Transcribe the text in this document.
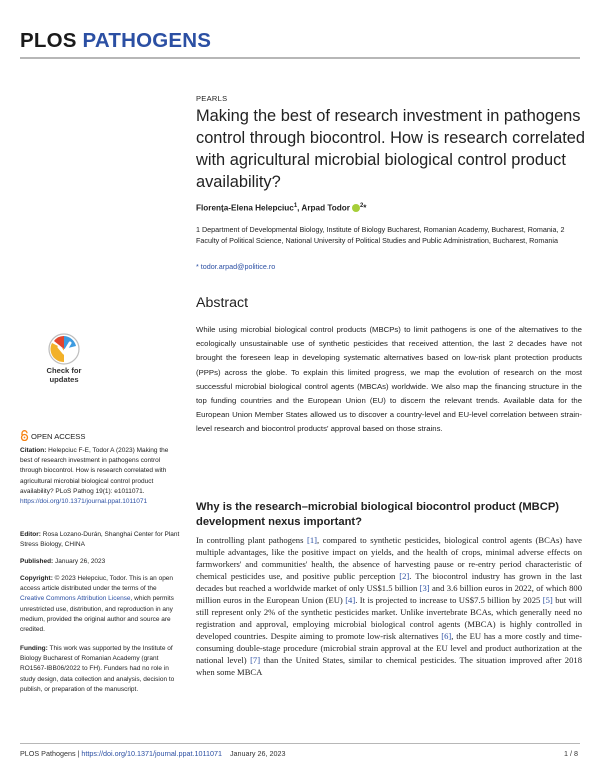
PLOS PATHOGENS
PEARLS
Making the best of research investment in pathogens control through biocontrol. How is research correlated with agricultural microbial biological control product availability?
Florenţa-Elena Helepciuc$^1$, Arpad Todor $^2$*
1 Department of Developmental Biology, Institute of Biology Bucharest, Romanian Academy, Bucharest, Romania, 2 Faculty of Political Science, National University of Political Studies and Public Administration, Bucharest, Romania
* todor.arpad@politice.ro
Abstract
While using microbial biological control products (MBCPs) to limit pathogens is one of the alternatives to the ecologically unsustainable use of synthetic pesticides that received attention, the last 2 decades have not brought the foreseen leap in developing systematic alternatives based on low-risk plant protection products (PPPs) across the globe. To explain this limited progress, we map the evolution of research on the most successful microbial biological control agents (MBCAs) worldwide. We also map the financing structure in the top funding countries and the European Union (EU) to discern the relevant trends. Available data for the European Union Member States allowed us to discover a country-level and EU-level correlation between strain-level research and biocontrol products' approval based on those strains.
Check for
updates
OPEN ACCESS
Citation: Helepciuc F-E, Todor A (2023) Making the best of research investment in pathogens control through biocontrol. How is research correlated with agricultural microbial biological control product availability? PLoS Pathog 19(1): e1011071. https://doi.org/10.1371/journal.ppat.1011071
Editor: Rosa Lozano-Durán, Shanghai Center for Plant Stress Biology, CHINA
Published: January 26, 2023
Copyright: © 2023 Helepciuc, Todor. This is an open access article distributed under the terms of the Creative Commons Attribution License, which permits unrestricted use, distribution, and reproduction in any medium, provided the original author and source are credited.
Funding: This work was supported by the Institute of Biology Bucharest of Romanian Academy (grant RO1567-IBB06/2022 to FH). Funders had no role in study design, data collection and analysis, decision to publish, or preparation of the manuscript.
Why is the research–microbial biological biocontrol product (MBCP) development nexus important?
In controlling plant pathogens [1], compared to synthetic pesticides, biological control agents (BCAs) have multiple advantages, like the positive impact on yields, and the health of crops, minimal adverse effects on farmworkers' and communities' health, the absence of harvesting pause or re-entry period characteristic of chemical pesticides use, and positive public perception [2]. The biocontrol industry has grown in the last decades but reached a worldwide market of only US$1.5 billion [3] and 3.6 billion euros in 2022, of which 800 million euros in the European Union (EU) [4]. It is projected to increase to US$7.5 billion by 2025 [5] but will still represent only 2% of the synthetic pesticides market. Unlike invertebrate BCAs, which generally need no registration and approval, employing microbial biological control agents (MBCA) is highly controlled in developed countries. Despite aiming to promote low-risk alternatives [6], the EU has a more costly and time-consuming double-stage procedure (microbial strain approval at the EU level and product authorization at the national level) [7] than the United States, similar to chemical pesticides. The situation improved after 2018 when some MBCA
PLOS Pathogens | https://doi.org/10.1371/journal.ppat.1011071 January 26, 2023	1 / 8
